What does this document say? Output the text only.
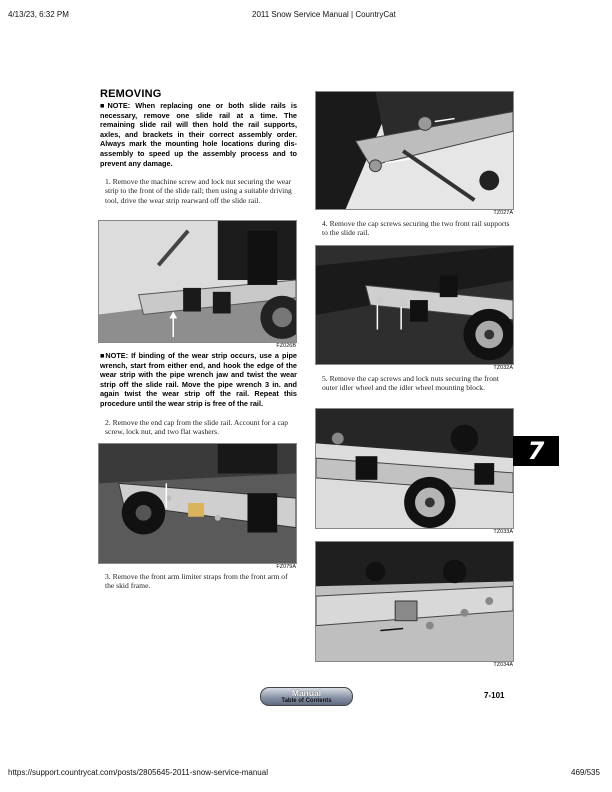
4/13/23, 6:32 PM	2011 Snow Service Manual | CountryCat
REMOVING
■NOTE: When replacing one or both slide rails is necessary, remove one slide rail at a time. The remaining slide rail will then hold the rail supports, axles, and brackets in their correct assembly order. Always mark the mounting hole locations during dis-assembly to speed up the assembly process and to prevent any damage.
1. Remove the machine screw and lock nut securing the wear strip to the front of the slide rail; then using a suitable driving tool, drive the wear strip rearward off the slide rail.
FZ026B
■NOTE: If binding of the wear strip occurs, use a pipe wrench, start from either end, and hook the edge of the wear strip with the pipe wrench jaw and twist the wear strip off the slide rail. Move the pipe wrench 3 in. and again twist the wear strip off the rail. Repeat this procedure until the wear strip is free of the rail.
2. Remove the end cap from the slide rail. Account for a cap screw, lock nut, and two flat washers.
FZ079A
3. Remove the front arm limiter straps from the front arm of the skid frame.
TZ027A
4. Remove the cap screws securing the two front rail supports to the slide rail.
TZ032A
5. Remove the cap screws and lock nuts securing the front outer idler wheel and the idler wheel mounting block.
TZ033A
TZ034A
7
Manual
Table of Contents
7-101
https://support.countrycat.com/posts/2805645-2011-snow-service-manual	469/535
